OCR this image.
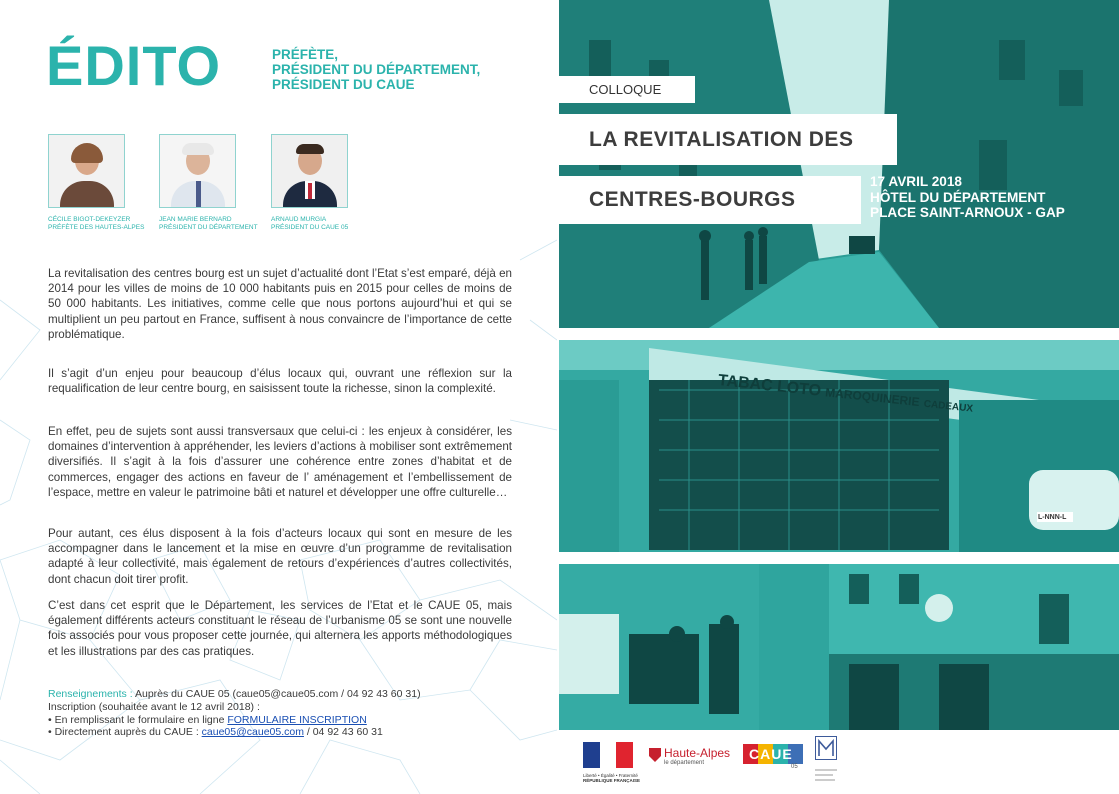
ÉDITO	PRÉFÈTE,
PRÉSIDENT DU DÉPARTEMENT,
PRÉSIDENT DU CAUE
CÉCILE BIGOT-DEKEYZER
PRÉFÈTE DES HAUTES-ALPES
JEAN MARIE BERNARD
PRÉSIDENT DU DÉPARTEMENT
ARNAUD MURGIA
PRÉSIDENT DU CAUE 05
La revitalisation des centres bourg est un sujet d’actualité dont l’Etat s’est emparé, déjà en 2014 pour les villes de moins de 10 000 habitants puis en 2015 pour celles de moins de 50 000 habitants. Les initiatives, comme celle que nous portons aujourd’hui et qui se multiplient un peu partout en France, suffisent à nous convaincre de l’importance de cette problématique.
Il s’agit d’un enjeu pour beaucoup d’élus locaux qui, ouvrant une réflexion sur la requalification de leur centre bourg, en saisissent toute la richesse, sinon la complexité.
En effet, peu de sujets sont aussi transversaux que celui-ci : les enjeux à considérer, les domaines d’intervention à appréhender, les leviers d’actions à mobiliser sont extrêmement diversifiés. Il s’agit à la fois d’assurer une cohérence entre zones d’habitat et de commerces, engager des actions en faveur de l’ aménagement et l’embellissement de l’espace, mettre en valeur le patrimoine bâti et naturel et développer une offre culturelle…
Pour autant, ces élus disposent à la fois d’acteurs locaux qui sont en mesure de les accompagner dans le lancement et la mise en œuvre d’un programme de revitalisation adapté à leur collectivité, mais également de retours d’expériences d’autres collectivités, dont chacun doit tirer profit.
C’est dans cet esprit que le Département, les services de l’Etat et le CAUE 05, mais également différents acteurs constituant le réseau de l’urbanisme 05 se sont une nouvelle fois associés pour vous proposer cette journée, qui alternera les apports méthodologiques et les illustrations par des cas pratiques.
Renseignements : Auprès du CAUE 05 (caue05@caue05.com / 04 92 43 60 31)
Inscription (souhaitée avant le 12 avril 2018) :
• En remplissant le formulaire en ligne FORMULAIRE INSCRIPTION
• Directement auprès du CAUE : caue05@caue05.com / 04 92 43 60 31
TABAC LOTO MAROQUINERIE CADEAUX
L-NNN-L
COLLOQUE
LA REVITALISATION DES
CENTRES-BOURGS
17 AVRIL 2018
HÔTEL DU DÉPARTEMENT
PLACE SAINT-ARNOUX - GAP
Liberté • Égalité • Fraternité
RÉPUBLIQUE FRANÇAISE
Haute-Alpes
le département
CAUE
05
